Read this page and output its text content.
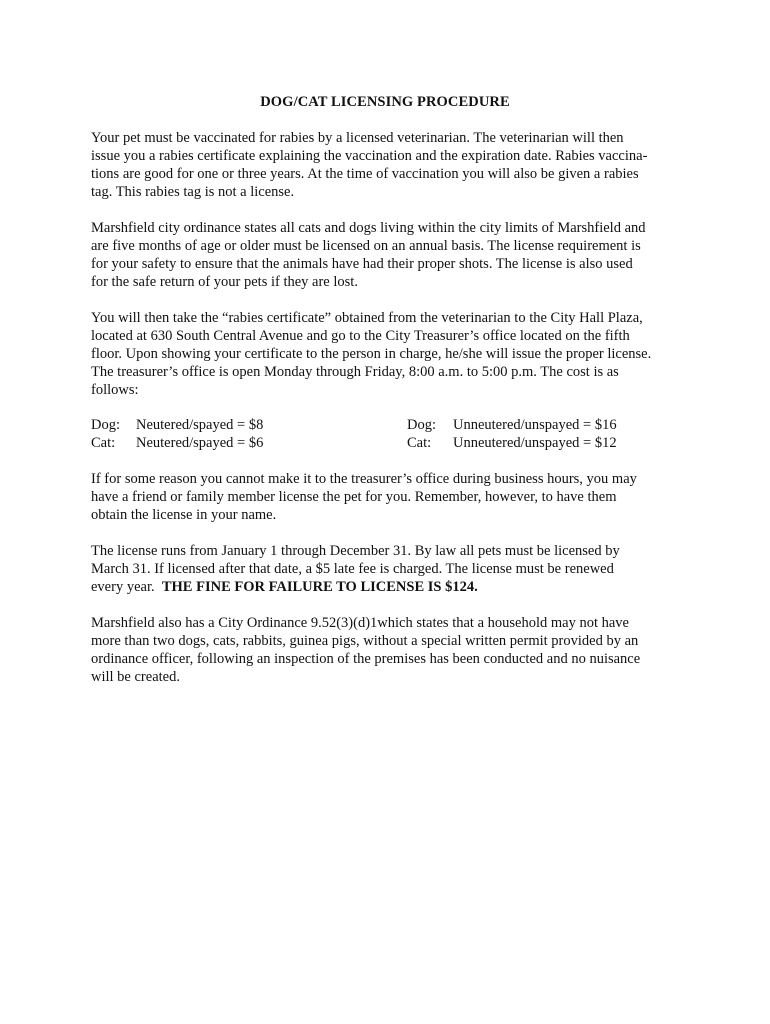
DOG/CAT LICENSING PROCEDURE
Your pet must be vaccinated for rabies by a licensed veterinarian. The veterinarian will then
issue you a rabies certificate explaining the vaccination and the expiration date. Rabies vaccina-
tions are good for one or three years. At the time of vaccination you will also be given a rabies
tag. This rabies tag is not a license.
Marshfield city ordinance states all cats and dogs living within the city limits of Marshfield and
are five months of age or older must be licensed on an annual basis. The license requirement is
for your safety to ensure that the animals have had their proper shots. The license is also used
for the safe return of your pets if they are lost.
You will then take the “rabies certificate” obtained from the veterinarian to the City Hall Plaza,
located at 630 South Central Avenue and go to the City Treasurer’s office located on the fifth
floor. Upon showing your certificate to the person in charge, he/she will issue the proper license.
The treasurer’s office is open Monday through Friday, 8:00 a.m. to 5:00 p.m. The cost is as
follows:
Dog: Neutered/spayed = $8	Dog: Unneutered/unspayed = $16
Cat: Neutered/spayed = $6	Cat: Unneutered/unspayed = $12
If for some reason you cannot make it to the treasurer’s office during business hours, you may
have a friend or family member license the pet for you. Remember, however, to have them
obtain the license in your name.
The license runs from January 1 through December 31. By law all pets must be licensed by
March 31. If licensed after that date, a $5 late fee is charged. The license must be renewed
every year.  THE FINE FOR FAILURE TO LICENSE IS $124.
Marshfield also has a City Ordinance 9.52(3)(d)1which states that a household may not have
more than two dogs, cats, rabbits, guinea pigs, without a special written permit provided by an
ordinance officer, following an inspection of the premises has been conducted and no nuisance
will be created.
